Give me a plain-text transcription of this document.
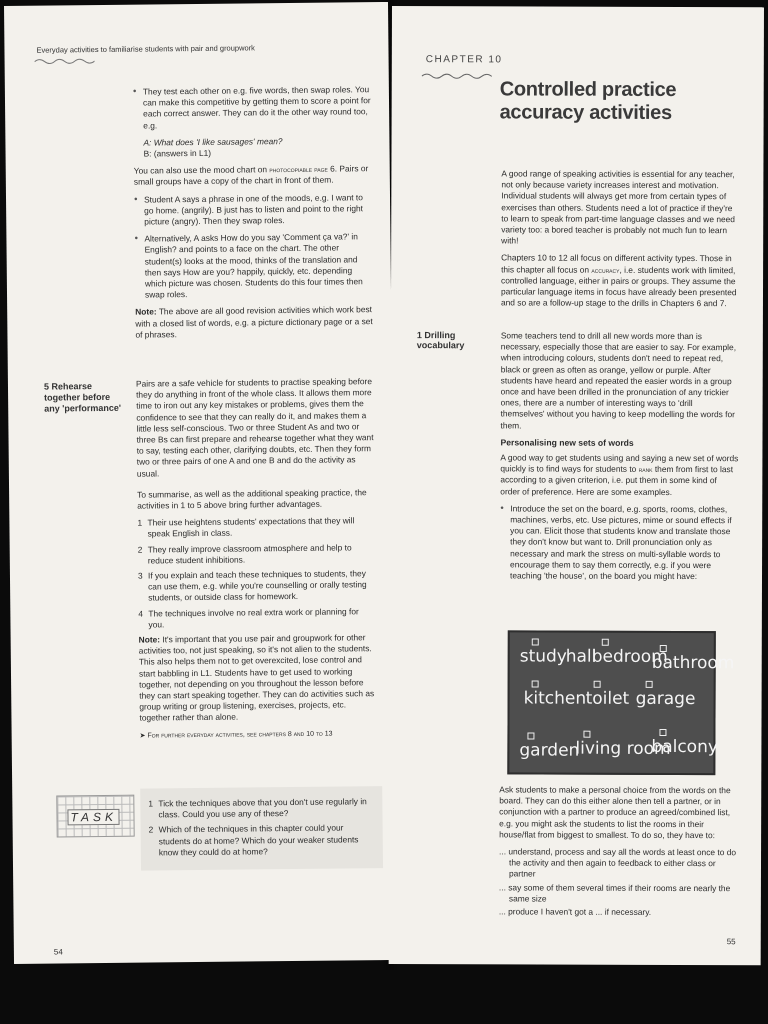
Everyday activities to familiarise students with pair and groupwork
● They test each other on e.g. five words, then swap roles. You can make this competitive by getting them to score a point for each correct answer. They can do it the other way round too, e.g.
A: What does 'I like sausages' mean?
B: (answers in L1)

You can also use the mood chart on photocopiable page 6. Pairs or small groups have a copy of the chart in front of them.

● Student A says a phrase in one of the moods, e.g. I want to go home. (angrily). B just has to listen and point to the right picture (angry). Then they swap roles.
● Alternatively, A asks How do you say 'Comment ça va?' in English? and points to a face on the chart. The other student(s) looks at the mood, thinks of the translation and then says How are you? happily, quickly, etc. depending which picture was chosen. Students do this four times then swap roles.

Note: The above are all good revision activities which work best with a closed list of words, e.g. a picture dictionary page or a set of phrases.

5 Rehearse together before any 'performance'

Pairs are a safe vehicle for students to practise speaking before they do anything in front of the whole class. It allows them more time to iron out any key mistakes or problems, gives them the confidence to see that they can really do it, and makes them a little less self-conscious. Two or three Student As and two or three Bs can first prepare and rehearse together what they want to say, testing each other, clarifying doubts, etc. Then they form two or three pairs of one A and one B and do the activity as usual.

To summarise, as well as the additional speaking practice, the activities in 1 to 5 above bring further advantages.

1 Their use heightens students' expectations that they will speak English in class.
2 They really improve classroom atmosphere and help to reduce student inhibitions.
3 If you explain and teach these techniques to students, they can use them, e.g. while you're counselling or orally testing students, or outside class for homework.
4 The techniques involve no real extra work or planning for you.

Note: It's important that you use pair and groupwork for other activities too, not just speaking, so it's not alien to the students. This also helps them not to get overexcited, lose control and start babbling in L1. Students have to get used to working together, not depending on you throughout the lesson before they can start speaking together. They can do activities such as group writing or group listening, exercises, projects, etc. together rather than alone.

➤ For further everyday activities, see chapters 8 and 10 to 13
TASK
1 Tick the techniques above that you don't use regularly in class. Could you use any of these?
2 Which of the techniques in this chapter could your students do at home? Which do your weaker students know they could do at home?
54
CHAPTER 10
Controlled practice accuracy activities

A good range of speaking activities is essential for any teacher, not only because variety increases interest and motivation. Individual students will always get more from certain types of exercises than others. Students need a lot of practice if they're to learn to speak from part-time language classes and we need variety too: a bored teacher is probably not much fun to learn with!

Chapters 10 to 12 all focus on different activity types. Those in this chapter all focus on accuracy, i.e. students work with limited, controlled language, either in pairs or groups. They assume the particular language items in focus have already been presented and so are a follow-up stage to the drills in Chapters 6 and 7.

1 Drilling vocabulary

Some teachers tend to drill all new words more than is necessary, especially those that are easier to say. For example, when introducing colours, students don't need to repeat red, black or green as often as orange, yellow or purple. After students have heard and repeated the easier words in a group once and have been drilled in the pronunciation of any trickier ones, there are a number of interesting ways to 'drill themselves' without you having to keep modelling the words for them.

Personalising new sets of words

A good way to get students using and saying a new set of words quickly is to find ways for students to rank them from first to last according to a given criterion, i.e. put them in some kind of order of preference. Here are some examples.

● Introduce the set on the board, e.g. sports, rooms, clothes, machines, verbs, etc. Use pictures, mime or sound effects if you can. Elicit those that students know and translate those they don't know but want to. Drill pronunciation only as necessary and mark the stress on multi-syllable words to encourage them to say them correctly, e.g. if you were teaching 'the house', on the board you might have:
study
hall
bedroom
bathroom
kitchen toilet garage
garden
living room
balcony

Ask students to make a personal choice from the words on the board. They can do this either alone then tell a partner, or in conjunction with a partner to produce an agreed/combined list, e.g. you might ask the students to list the rooms in their house/flat from biggest to smallest. To do so, they have to:

... understand, process and say all the words at least once to do the activity and then again to feedback to either class or partner
... say some of them several times if their rooms are nearly the same size
... produce I haven't got a ... if necessary.
55
